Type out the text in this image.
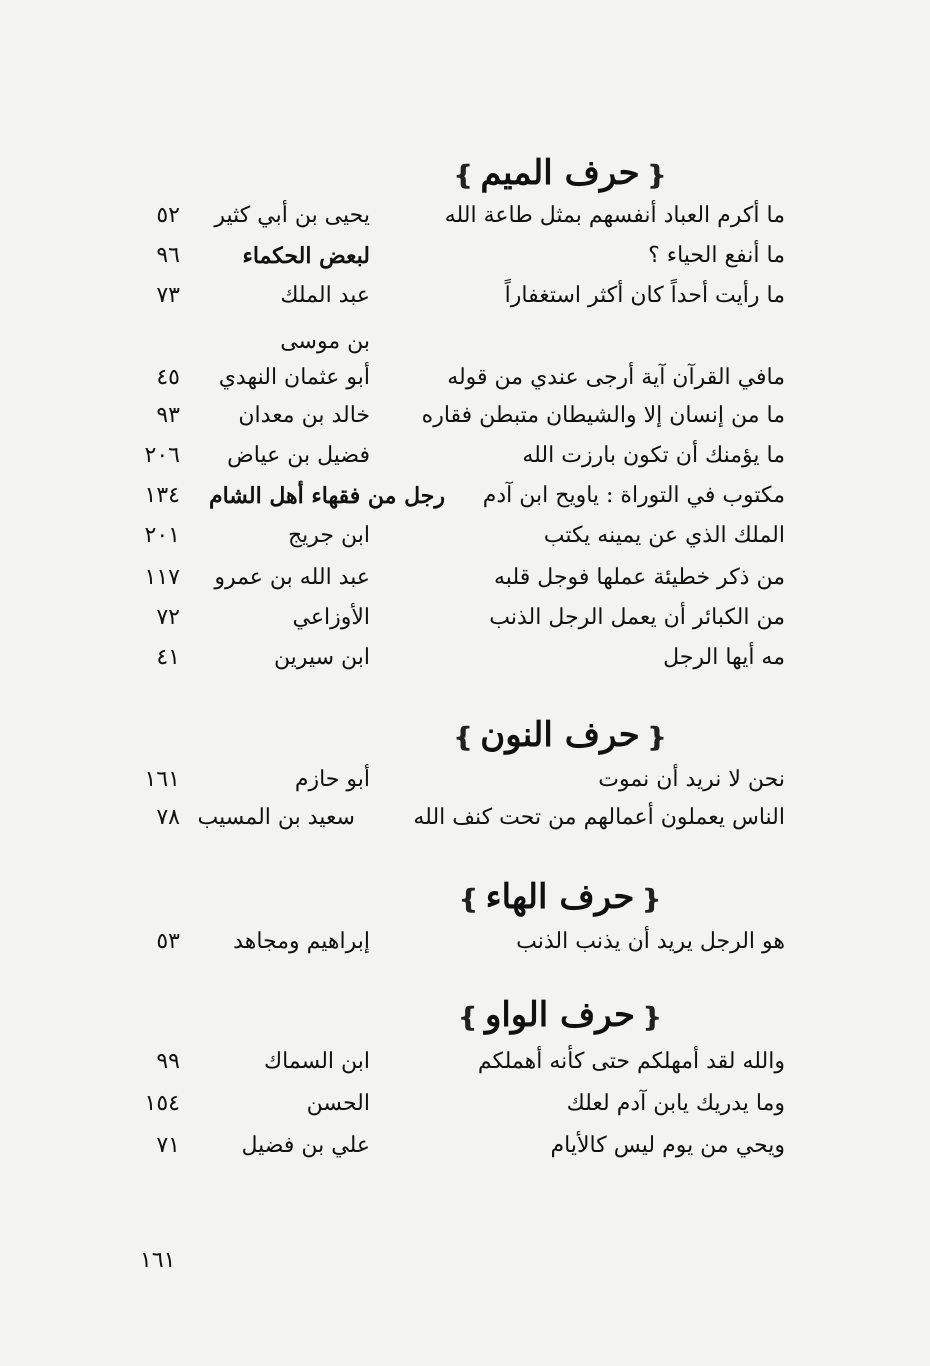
❴حرف الميم❵
ما أكرم العباد أنفسهم بمثل طاعة الله
يحيى بن أبي كثير
٥٢
ما أنفع الحياء ؟
لبعض الحكماء
٩٦
ما رأيت أحداً كان أكثر استغفاراً
عبد الملك
٧٣
بن موسى
مافي القرآن آية أرجى عندي من قوله
أبو عثمان النهدي
٤٥
ما من إنسان إلا والشيطان متبطن فقاره
خالد بن معدان
٩٣
ما يؤمنك أن تكون بارزت الله
فضيل بن عياض
٢٠٦
مكتوب في التوراة : ياويح ابن آدم
رجل من فقهاء أهل الشام
١٣٤
الملك الذي عن يمينه يكتب
ابن جريج
٢٠١
من ذكر خطيئة عملها فوجل قلبه
عبد الله بن عمرو
١١٧
من الكبائر أن يعمل الرجل الذنب
الأوزاعي
٧٢
مه أيها الرجل
ابن سيرين
٤١
❴حرف النون❵
نحن لا نريد أن نموت
أبو حازم
١٦١
الناس يعملون أعمالهم من تحت كنف الله
سعيد بن المسيب
٧٨
❴حرف الهاء❵
هو الرجل يريد أن يذنب الذنب
إبراهيم ومجاهد
٥٣
❴حرف الواو❵
والله لقد أمهلكم حتى كأنه أهملكم
ابن السماك
٩٩
وما يدريك يابن آدم لعلك
الحسن
١٥٤
ويحي من يوم ليس كالأيام
علي بن فضيل
٧١
١٦١
